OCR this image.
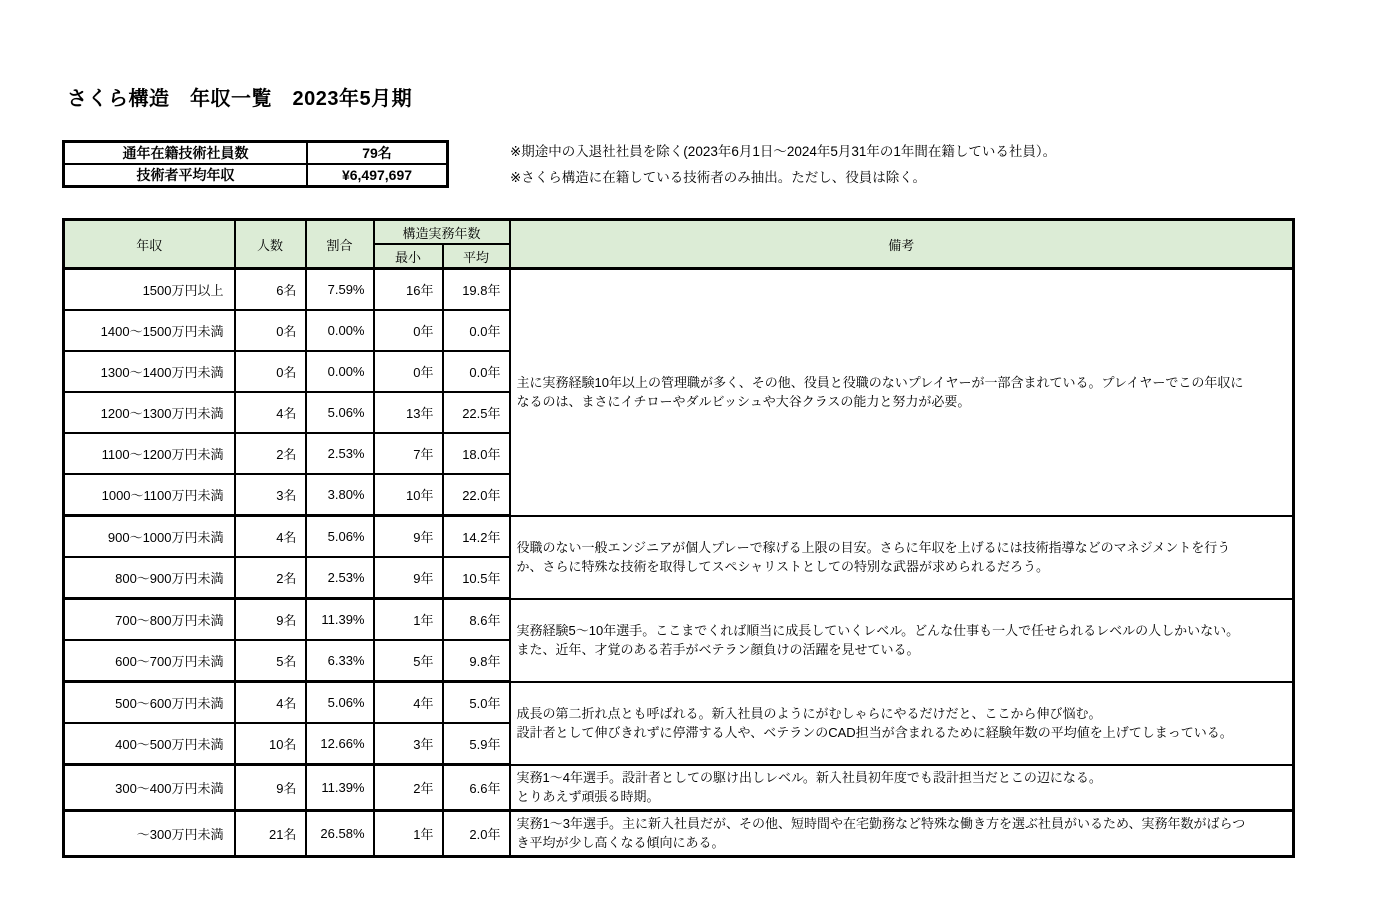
さくら構造　年収一覧　2023年5月期
通年在籍技術社員数	79名
技術者平均年収	¥6,497,697
※期途中の入退社社員を除く(2023年6月1日～2024年5月31年の1年間在籍している社員）。
※さくら構造に在籍している技術者のみ抽出。ただし、役員は除く。
年収	人数	割合	構造実務年数		備考
			最小	平均	
1500万円以上	6名	7.59%	16年	19.8年	主に実務経験10年以上の管理職が多く、その他、役員と役職のないプレイヤーが一部含まれている。プレイヤーでこの年収に
なるのは、まさにイチローやダルビッシュや大谷クラスの能力と努力が必要。

1400～1500万円未満	0名	0.00%	0年	0.0年	
1300～1400万円未満	0名	0.00%	0年	0.0年	
1200～1300万円未満	4名	5.06%	13年	22.5年	
1100～1200万円未満	2名	2.53%	7年	18.0年	
1000～1100万円未満	3名	3.80%	10年	22.0年	
900～1000万円未満	4名	5.06%	9年	14.2年	役職のない一般エンジニアが個人プレーで稼げる上限の目安。さらに年収を上げるには技術指導などのマネジメントを行う
か、さらに特殊な技術を取得してスペシャリストとしての特別な武器が求められるだろう。

800～900万円未満	2名	2.53%	9年	10.5年	
700～800万円未満	9名	11.39%	1年	8.6年	実務経験5～10年選手。ここまでくれば順当に成長していくレベル。どんな仕事も一人で任せられるレベルの人しかいない。
また、近年、才覚のある若手がベテラン顔負けの活躍を見せている。

600～700万円未満	5名	6.33%	5年	9.8年	
500～600万円未満	4名	5.06%	4年	5.0年	成長の第二折れ点とも呼ばれる。新入社員のようにがむしゃらにやるだけだと、ここから伸び悩む。
設計者として伸びきれずに停滞する人や、ベテランのCAD担当が含まれるために経験年数の平均値を上げてしまっている。

400～500万円未満	10名	12.66%	3年	5.9年	
300～400万円未満	9名	11.39%	2年	6.6年	実務1～4年選手。設計者としての駆け出しレベル。新入社員初年度でも設計担当だとこの辺になる。
とりあえず頑張る時期。

～300万円未満	21名	26.58%	1年	2.0年	実務1～3年選手。主に新入社員だが、その他、短時間や在宅勤務など特殊な働き方を選ぶ社員がいるため、実務年数がばらつ
き平均が少し高くなる傾向にある。
